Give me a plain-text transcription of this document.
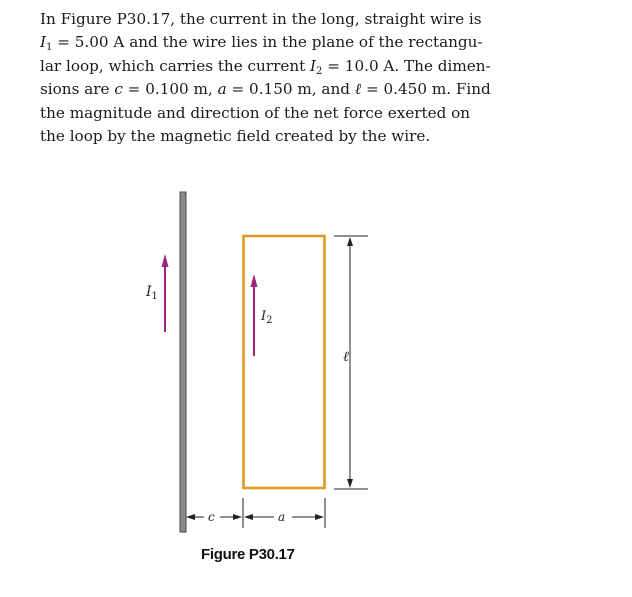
In Figure P30.17, the current in the long, straight wire is
$I_1 = 5.00$ A and the wire lies in the plane of the rectangu-
lar loop, which carries the current $I_2 = 10.0$ A. The dimen-
sions are c = 0.100 m, a = 0.150 m, and ℓ = 0.450 m. Find
the magnitude and direction of the net force exerted on
the loop by the magnetic field created by the wire.

$I_1$
$I_2$
ℓ
c	a

Figure P30.17
